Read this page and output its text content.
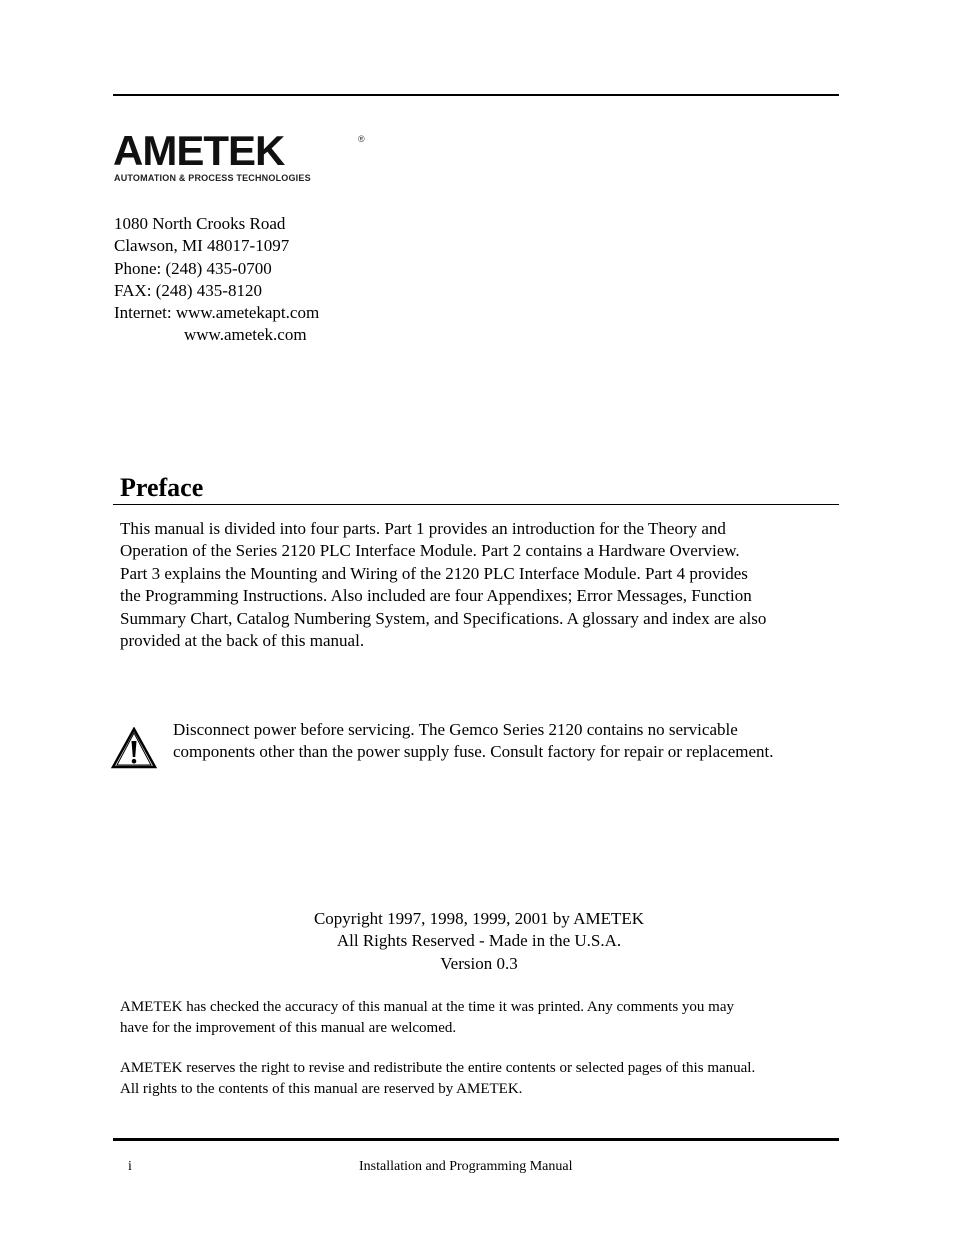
AMETEK	®
AUTOMATION & PROCESS TECHNOLOGIES
1080 North Crooks Road
Clawson, MI 48017-1097
Phone: (248) 435-0700
FAX: (248) 435-8120
Internet: www.ametekapt.com
www.ametek.com
Preface
This manual is divided into four parts. Part 1 provides an introduction for the Theory and
Operation of the Series 2120 PLC Interface Module. Part 2 contains a Hardware Overview.
Part 3 explains the Mounting and Wiring of the 2120 PLC Interface Module. Part 4 provides
the Programming Instructions. Also included are four Appendixes; Error Messages, Function
Summary Chart, Catalog Numbering System, and Specifications. A glossary and index are also
provided at the back of this manual.
Disconnect power before servicing. The Gemco Series 2120 contains no servicable
components other than the power supply fuse. Consult factory for repair or replacement.
Copyright 1997, 1998, 1999, 2001 by AMETEK
All Rights Reserved - Made in the U.S.A.
Version 0.3
AMETEK has checked the accuracy of this manual at the time it was printed. Any comments you may
have for the improvement of this manual are welcomed.
AMETEK reserves the right to revise and redistribute the entire contents or selected pages of this manual.
All rights to the contents of this manual are reserved by AMETEK.
i	Installation and Programming Manual
